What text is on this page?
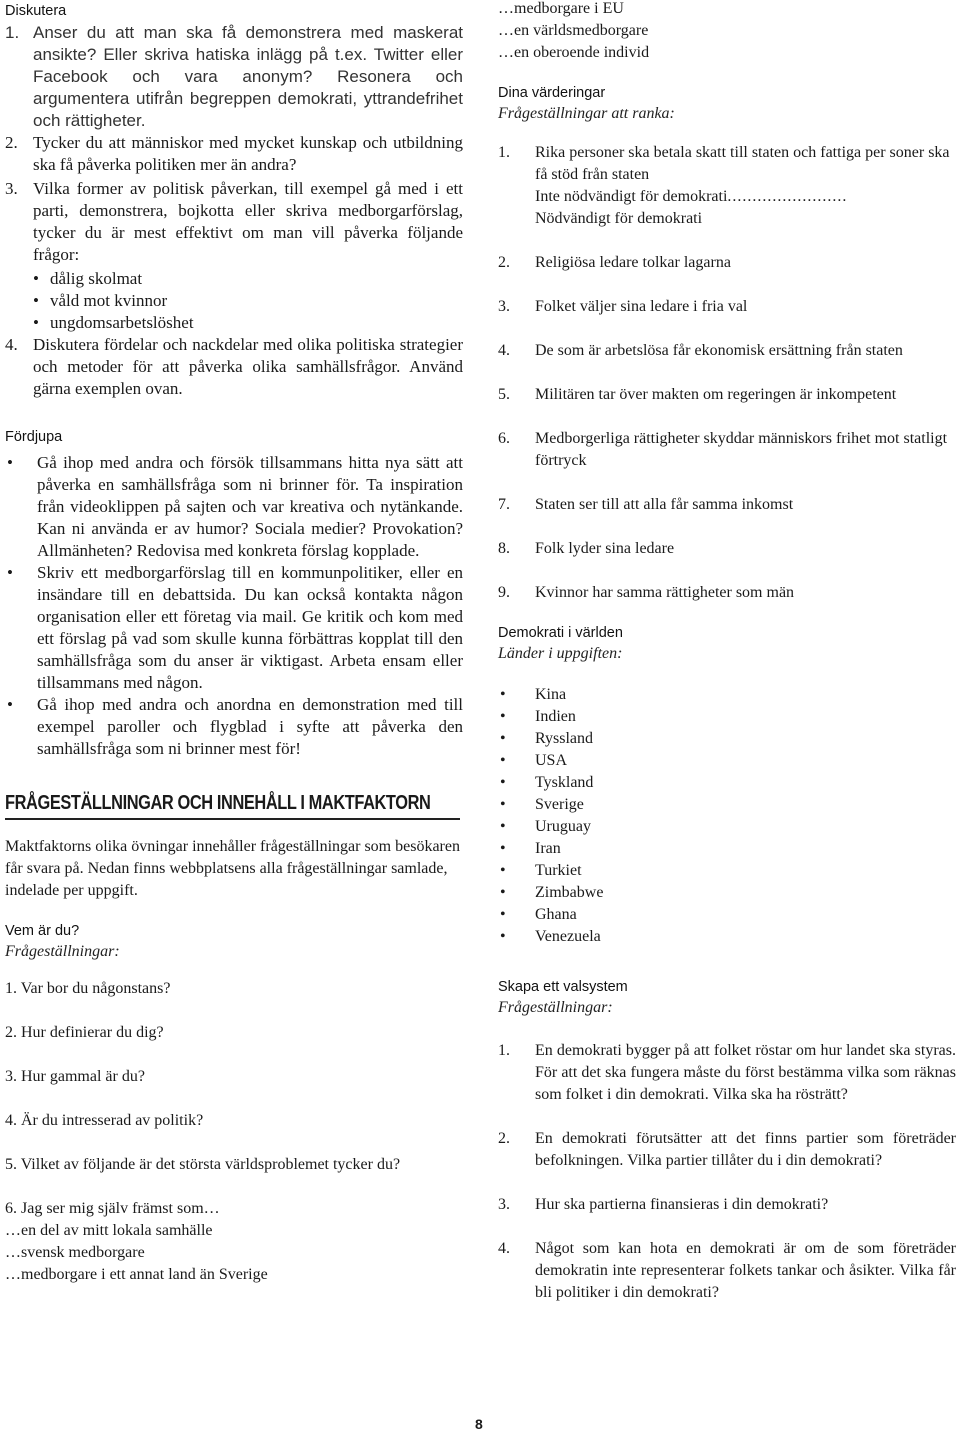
Diskutera
1. Anser du att man ska få demonstrera med maskerat ansikte? Eller skriva hatiska inlägg på t.ex. Twitter eller Facebook och vara anonym? Resonera och argumentera utifrån begreppen demokrati, yttrandefrihet och rättigheter.
2. Tycker du att människor med mycket kunskap och utbildning ska få påverka politiken mer än andra?
3. Vilka former av politisk påverkan, till exempel gå med i ett parti, demonstrera, bojkotta eller skriva medborgarförslag, tycker du är mest effektivt om man vill påverka följande frågor:
• dålig skolmat
• våld mot kvinnor
• ungdomsarbetslöshet
4. Diskutera fördelar och nackdelar med olika politiska strategier och metoder för att påverka olika samhällsfrågor. Använd gärna exemplen ovan.
Fördjupa
• Gå ihop med andra och försök tillsammans hitta nya sätt att påverka en samhällsfråga som ni brinner för. Ta inspiration från videoklippen på sajten och var kreativa och nytänkande. Kan ni använda er av humor? Sociala medier? Provokation? Allmänheten? Redovisa med konkreta förslag kopplade.
• Skriv ett medborgarförslag till en kommunpolitiker, eller en insändare till en debattsida. Du kan också kontakta någon organisation eller ett företag via mail. Ge kritik och kom med ett förslag på vad som skulle kunna förbättras kopplat till den samhällsfråga som du anser är viktigast. Arbeta ensam eller tillsammans med någon.
• Gå ihop med andra och anordna en demonstration med till exempel paroller och flygblad i syfte att påverka den samhällsfråga som ni brinner mest för!
FRÅGESTÄLLNINGAR OCH INNEHÅLL I MAKTFAKTORN
Maktfaktorns olika övningar innehåller frågeställningar som besökaren får svara på. Nedan finns webbplatsens alla frågeställningar samlade, indelade per uppgift.
Vem är du?
Frågeställningar:
1. Var bor du någonstans?
2. Hur definierar du dig?
3. Hur gammal är du?
4. Är du intresserad av politik?
5. Vilket av följande är det största världsproblemet tycker du?
6. Jag ser mig själv främst som…
…en del av mitt lokala samhälle
…svensk medborgare
…medborgare i ett annat land än Sverige
…medborgare i EU
…en världsmedborgare
…en oberoende individ
Dina värderingar
Frågeställningar att ranka:
1. Rika personer ska betala skatt till staten och fattiga per soner ska få stöd från staten
Inte nödvändigt för demokrati........................
Nödvändigt för demokrati
2. Religiösa ledare tolkar lagarna
3. Folket väljer sina ledare i fria val
4. De som är arbetslösa får ekonomisk ersättning från staten
5. Militären tar över makten om regeringen är inkompetent
6. Medborgerliga rättigheter skyddar människors frihet mot statligt förtryck
7. Staten ser till att alla får samma inkomst
8. Folk lyder sina ledare
9. Kvinnor har samma rättigheter som män
Demokrati i världen
Länder i uppgiften:
• Kina
• Indien
• Ryssland
• USA
• Tyskland
• Sverige
• Uruguay
• Iran
• Turkiet
• Zimbabwe
• Ghana
• Venezuela
Skapa ett valsystem
Frågeställningar:
1. En demokrati bygger på att folket röstar om hur landet ska styras. För att det ska fungera måste du först bestämma vilka som räknas som folket i din demokrati. Vilka ska ha rösträtt?
2. En demokrati förutsätter att det finns partier som företräder befolkningen. Vilka partier tillåter du i din demokrati?
3. Hur ska partierna finansieras i din demokrati?
4. Något som kan hota en demokrati är om de som företräder demokratin inte representerar folkets tankar och åsikter. Vilka får bli politiker i din demokrati?
8
